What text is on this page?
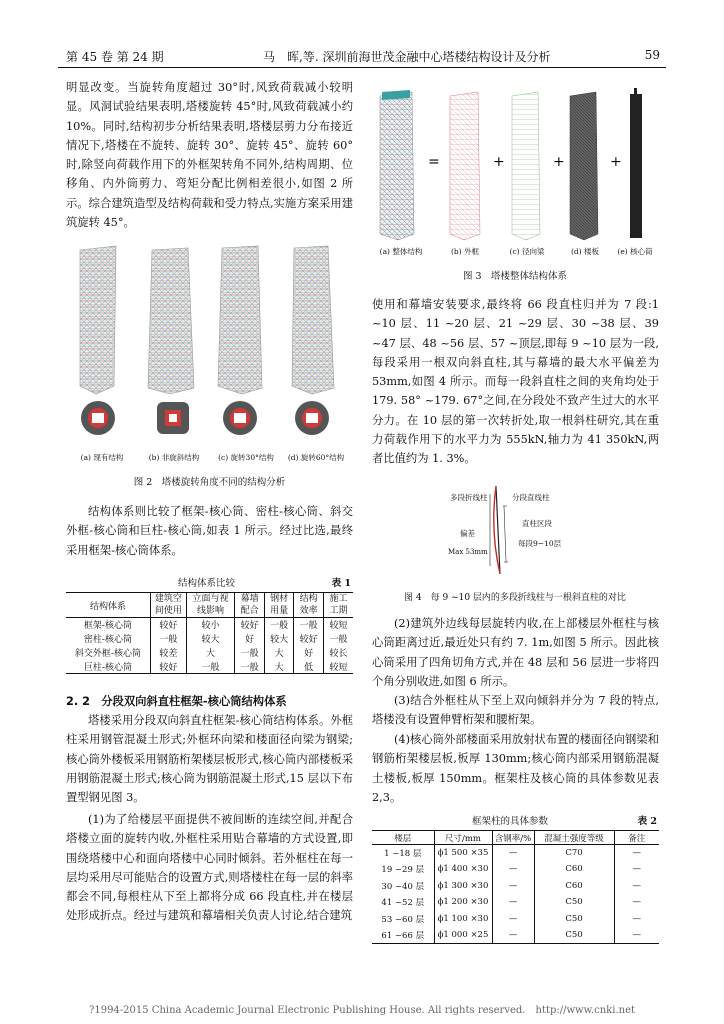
第 45 卷 第 24 期	马　晖,等. 深圳前海世茂金融中心塔楼结构设计及分析	59

明显改变。当旋转角度超过 30°时,风致荷载减小较明显。风洞试验结果表明,塔楼旋转 45°时,风致荷载减小约 10%。同时,结构初步分析结果表明,塔楼层剪力分布接近情况下,塔楼在不旋转、旋转 30°、旋转 45°、旋转 60°时,除竖向荷载作用下的外框架转角不同外,结构周期、位移角、内外筒剪力、弯矩分配比例相差很小,如图 2 所示。综合建筑造型及结构荷载和受力特点,实施方案采用建筑旋转 45°。

(a) 现有结构	(b) 非旋斜结构	(c) 旋转30°结构	(d) 旋转60°结构
图 2　塔楼旋转角度不同的结构分析

结构体系则比较了框架-核心筒、密柱-核心筒、斜交外框-核心筒和巨柱-核心筒,如表 1 所示。经过比选,最终采用框架-核心筒体系。

结构体系比较	表 1
结构体系	建筑空间使用	立面与视线影响	幕墙配合	钢材用量	结构效率	施工工期
框架-核心筒	较好	较小	较好	一般	一般	较短
密柱-核心筒	一般	较大	好	较大	较好	一般
斜交外框-核心筒	较差	大	一般	大	好	较长
巨柱-核心筒	较好	一般	一般	大	低	较短
2. 2　分段双向斜直柱框架-核心筒结构体系

塔楼采用分段双向斜直柱框架-核心筒结构体系。外框柱采用钢管混凝土形式;外框环向梁和楼面径向梁为钢梁;核心筒外楼板采用钢筋桁架楼层板形式,核心筒内部楼板采用钢筋混凝土形式;核心筒为钢筋混凝土形式,15 层以下布置型钢见图 3。

(1)为了给楼层平面提供不被间断的连续空间,并配合塔楼立面的旋转内收,外框柱采用贴合幕墙的方式设置,即围绕塔楼中心和面向塔楼中心同时倾斜。若外框柱在每一层均采用尽可能贴合的设置方式,则塔楼柱在每一层的斜率都会不同,每根柱从下至上都将分成 66 段直柱,并在楼层处形成折点。经过与建筑和幕墙相关负责人讨论,结合建筑

=	+	+	+
(a) 整体结构	(b) 外框	(c) 径向梁	(d) 楼板	(e) 核心筒
图 3　塔楼整体结构体系

使用和幕墙安装要求,最终将 66 段直柱归并为 7 段:1 ~10 层、11 ~20 层、21 ~29 层、30 ~38 层、39 ~47 层、48 ~56 层、57 ~顶层,即每 9 ~10 层为一段,每段采用一根双向斜直柱,其与幕墙的最大水平偏差为 53mm,如图 4 所示。而每一段斜直柱之间的夹角均处于 179. 58° ~179. 67°之间,在分段处不致产生过大的水平分力。在 10 层的第一次转折处,取一根斜柱研究,其在重力荷载作用下的水平力为 555kN,轴力为 41 350kN,两者比值约为 1. 3%。

多段折线柱
偏差
Max 53mm
分段直线柱
直柱区段
每段9~10层
图 4　每 9 ~10 层内的多段折线柱与一根斜直柱的对比

(2)建筑外边线每层旋转内收,在上部楼层外框柱与核心筒距离过近,最近处只有约 7. 1m,如图 5 所示。因此核心筒采用了四角切角方式,并在 48 层和 56 层进一步将四个角分别收进,如图 6 所示。

(3)结合外框柱从下至上双向倾斜并分为 7 段的特点,塔楼没有设置伸臂桁架和腰桁架。

(4)核心筒外部楼面采用放射状布置的楼面径向钢梁和钢筋桁架楼层板,板厚 130mm;核心筒内部采用钢筋混凝土楼板,板厚 150mm。框架柱及核心筒的具体参数见表 2,3。

框架柱的具体参数	表 2
楼层	尺寸/mm	含钢率/%	混凝土强度等级	备注
1 ~18 层	ϕ1 500 ×35	—	C70	—
19 ~29 层	ϕ1 400 ×30	—	C60	—
30 ~40 层	ϕ1 300 ×30	—	C60	—
41 ~52 层	ϕ1 200 ×30	—	C50	—
53 ~60 层	ϕ1 100 ×30	—	C50	—
61 ~66 层	ϕ1 000 ×25	—	C50	—
?1994-2015 China Academic Journal Electronic Publishing House. All rights reserved.　http://www.cnki.net
